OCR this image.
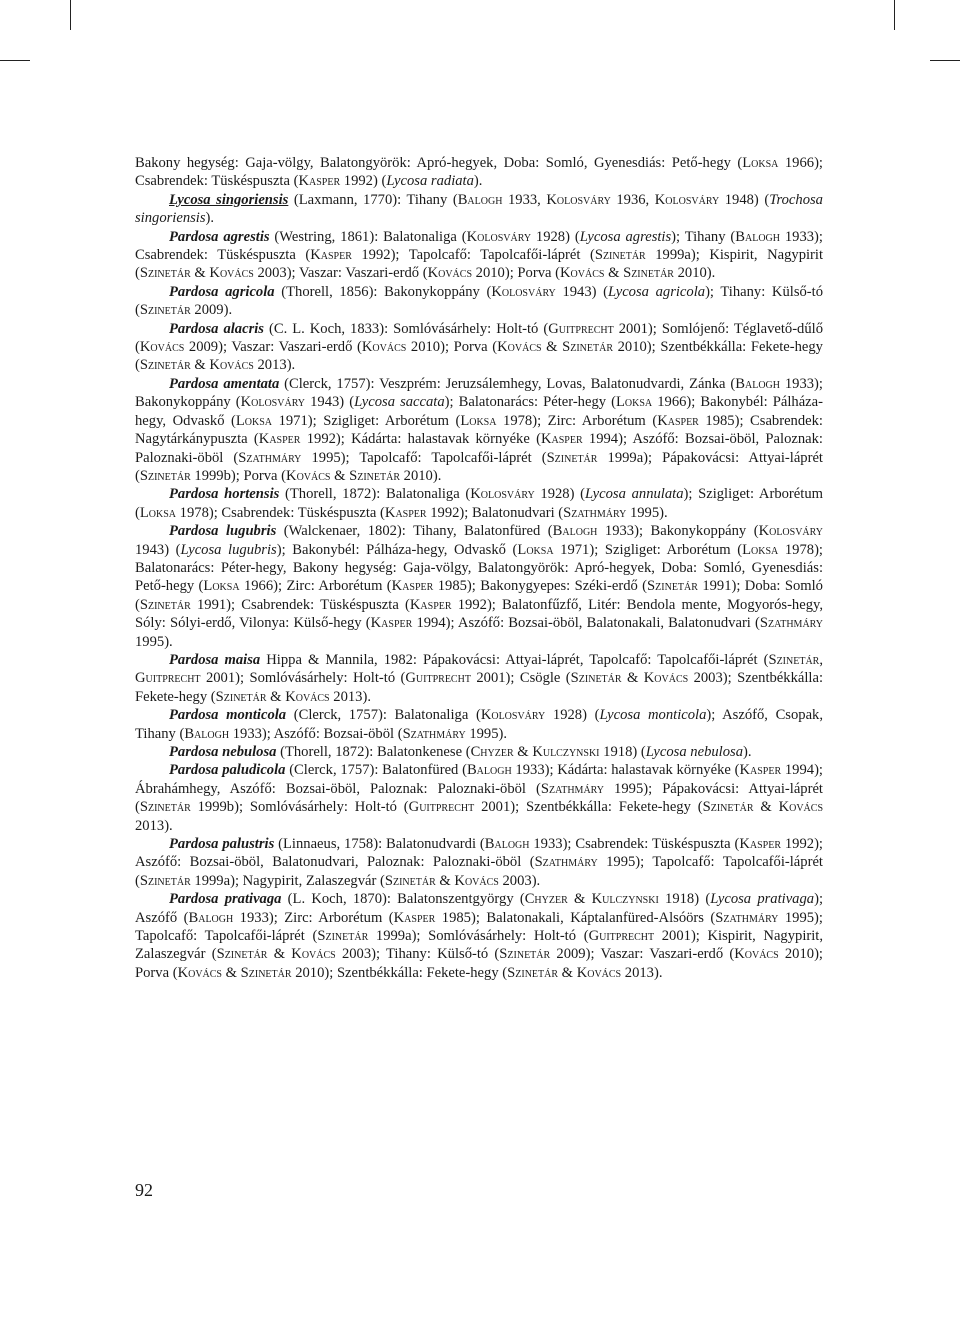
Bakony hegység: Gaja-völgy, Balatongyörök: Apró-hegyek, Doba: Somló, Gyenesdiás: Pető-hegy (Loksa 1966); Csabrendek: Tüskéspuszta (Kasper 1992) (Lycosa radiata).

Lycosa singoriensis (Laxmann, 1770): Tihany (Balogh 1933, Kolosváry 1936, Kolosváry 1948) (Trochosa singoriensis).

Pardosa agrestis (Westring, 1861): Balatonaliga (Kolosváry 1928) (Lycosa agrestis); Tihany (Balogh 1933); Csabrendek: Tüskéspuszta (Kasper 1992); Tapolcafő: Tapolcafői-láprét (Szinetár 1999a); Kispirit, Nagypirit (Szinetár & Kovács 2003); Vaszar: Vaszari-erdő (Kovács 2010); Porva (Kovács & Szinetár 2010).

Pardosa agricola (Thorell, 1856): Bakonykoppány (Kolosváry 1943) (Lycosa agricola); Tihany: Külső-tó (Szinetár 2009).

Pardosa alacris (C. L. Koch, 1833): Somlóvásárhely: Holt-tó (Guitprecht 2001); Somlójenő: Téglavető-dűlő (Kovács 2009); Vaszar: Vaszari-erdő (Kovács 2010); Porva (Kovács & Szinetár 2010); Szentbékkálla: Fekete-hegy (Szinetár & Kovács 2013).

Pardosa amentata (Clerck, 1757): Veszprém: Jeruzsálemhegy, Lovas, Balatonudvardi, Zánka (Balogh 1933); Bakonykoppány (Kolosváry 1943) (Lycosa saccata); Balatonarács: Péter-hegy (Loksa 1966); Bakonybél: Pálháza-hegy, Odvaskő (Loksa 1971); Szigliget: Arborétum (Loksa 1978); Zirc: Arborétum (Kasper 1985); Csabrendek: Nagytárkánypuszta (Kasper 1992); Kádárta: halastavak környéke (Kasper 1994); Aszófő: Bozsai-öböl, Paloznak: Paloznaki-öböl (Szathmáry 1995); Tapolcafő: Tapolcafői-láprét (Szinetár 1999a); Pápakovácsi: Attyai-láprét (Szinetár 1999b); Porva (Kovács & Szinetár 2010).

Pardosa hortensis (Thorell, 1872): Balatonaliga (Kolosváry 1928) (Lycosa annulata); Szigliget: Arborétum (Loksa 1978); Csabrendek: Tüskéspuszta (Kasper 1992); Balatonudvari (Szathmáry 1995).

Pardosa lugubris (Walckenaer, 1802): Tihany, Balatonfüred (Balogh 1933); Bakonykoppány (Kolosváry 1943) (Lycosa lugubris); Bakonybél: Pálháza-hegy, Odvaskő (Loksa 1971); Szigliget: Arborétum (Loksa 1978); Balatonarács: Péter-hegy, Bakony hegység: Gaja-völgy, Balatongyörök: Apró-hegyek, Doba: Somló, Gyenesdiás: Pető-hegy (Loksa 1966); Zirc: Arborétum (Kasper 1985); Bakonygyepes: Széki-erdő (Szinetár 1991); Doba: Somló (Szinetár 1991); Csabrendek: Tüskéspuszta (Kasper 1992); Balatonfűzfő, Litér: Bendola mente, Mogyorós-hegy, Sóly: Sólyi-erdő, Vilonya: Külső-hegy (Kasper 1994); Aszófő: Bozsai-öböl, Balatonakali, Balatonudvari (Szathmáry 1995).

Pardosa maisa Hippa & Mannila, 1982: Pápakovácsi: Attyai-láprét, Tapolcafő: Tapolcafői-láprét (Szinetár, Guitprecht 2001); Somlóvásárhely: Holt-tó (Guitprecht 2001); Csögle (Szinetár & Kovács 2003); Szentbékkálla: Fekete-hegy (Szinetár & Kovács 2013).

Pardosa monticola (Clerck, 1757): Balatonaliga (Kolosváry 1928) (Lycosa monticola); Aszófő, Csopak, Tihany (Balogh 1933); Aszófő: Bozsai-öböl (Szathmáry 1995).

Pardosa nebulosa (Thorell, 1872): Balatonkenese (Chyzer & Kulczynski 1918) (Lycosa nebulosa).

Pardosa paludicola (Clerck, 1757): Balatonfüred (Balogh 1933); Kádárta: halastavak környéke (Kasper 1994); Ábrahámhegy, Aszófő: Bozsai-öböl, Paloznak: Paloznaki-öböl (Szathmáry 1995); Pápakovácsi: Attyai-láprét (Szinetár 1999b); Somlóvásárhely: Holt-tó (Guitprecht 2001); Szentbékkálla: Fekete-hegy (Szinetár & Kovács 2013).

Pardosa palustris (Linnaeus, 1758): Balatonudvardi (Balogh 1933); Csabrendek: Tüskéspuszta (Kasper 1992); Aszófő: Bozsai-öböl, Balatonudvari, Paloznak: Paloznaki-öböl (Szathmáry 1995); Tapolcafő: Tapolcafői-láprét (Szinetár 1999a); Nagypirit, Zalaszegvár (Szinetár & Kovács 2003).

Pardosa prativaga (L. Koch, 1870): Balatonszentgyörgy (Chyzer & Kulczynski 1918) (Lycosa prativaga); Aszófő (Balogh 1933); Zirc: Arborétum (Kasper 1985); Balatonakali, Káptalanfüred-Alsóörs (Szathmáry 1995); Tapolcafő: Tapolcafői-láprét (Szinetár 1999a); Somlóvásárhely: Holt-tó (Guitprecht 2001); Kispirit, Nagypirit, Zalaszegvár (Szinetár & Kovács 2003); Tihany: Külső-tó (Szinetár 2009); Vaszar: Vaszari-erdő (Kovács 2010); Porva (Kovács & Szinetár 2010); Szentbékkálla: Fekete-hegy (Szinetár & Kovács 2013).

92
